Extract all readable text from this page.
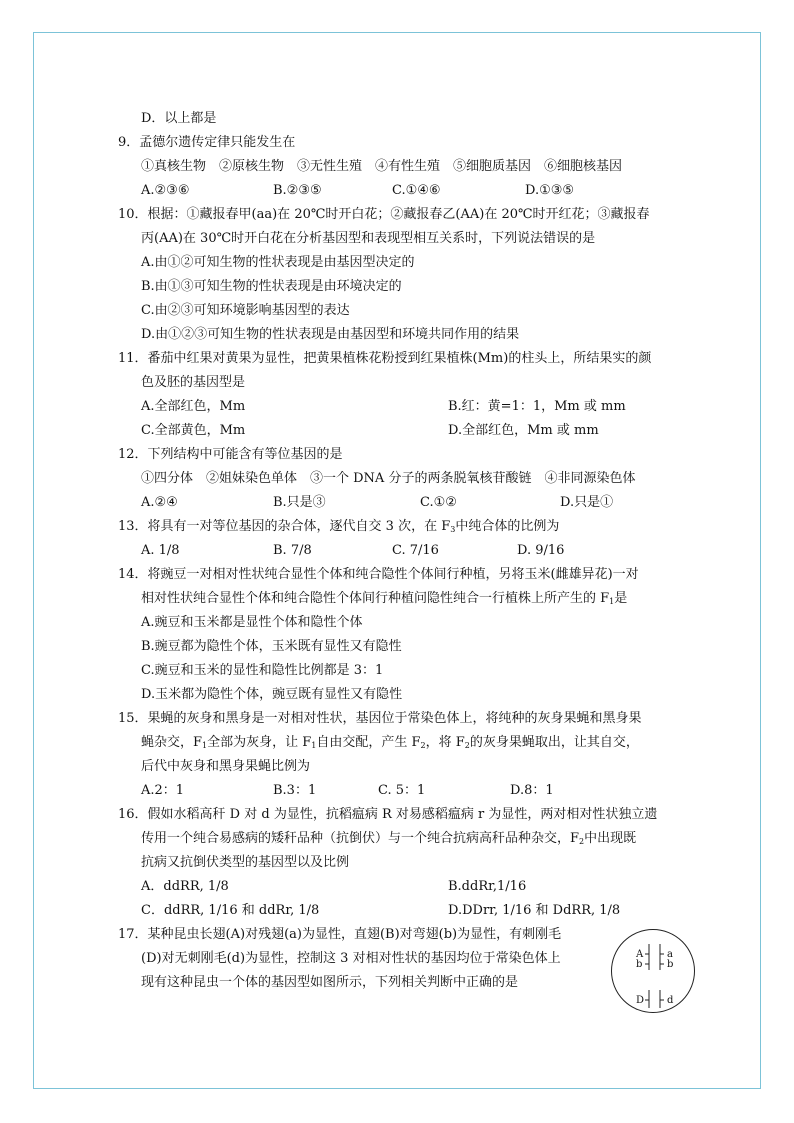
D．以上都是
9．孟德尔遗传定律只能发生在
①真核生物　②原核生物　③无性生殖　④有性生殖　⑤细胞质基因　⑥细胞核基因
A.②③⑥	B.②③⑤	C.①④⑥	D.①③⑤
10．根据：①藏报春甲(aa)在 20℃时开白花；②藏报春乙(AA)在 20℃时开红花；③藏报春
丙(AA)在 30℃时开白花在分析基因型和表现型相互关系时，下列说法错误的是
A.由①②可知生物的性状表现是由基因型决定的
B.由①③可知生物的性状表现是由环境决定的
C.由②③可知环境影响基因型的表达
D.由①②③可知生物的性状表现是由基因型和环境共同作用的结果
11．番茄中红果对黄果为显性，把黄果植株花粉授到红果植株(Mm)的柱头上，所结果实的颜
色及胚的基因型是
A.全部红色，Mm	B.红：黄=1：1，Mm 或 mm
C.全部黄色，Mm	D.全部红色，Mm 或 mm
12．下列结构中可能含有等位基因的是
①四分体　②姐妹染色单体　③一个 DNA 分子的两条脱氧核苷酸链　④非同源染色体
A.②④	B.只是③	C.①②	D.只是①
13．将具有一对等位基因的杂合体，逐代自交 3 次，在 $F_3$中纯合体的比例为
A. 1/8	B. 7/8	C. 7/16	D. 9/16
14．将豌豆一对相对性状纯合显性个体和纯合隐性个体间行种植，另将玉米(雌雄异花)一对
相对性状纯合显性个体和纯合隐性个体间行种植问隐性纯合一行植株上所产生的 $F_1$是
A.豌豆和玉米都是显性个体和隐性个体
B.豌豆都为隐性个体，玉米既有显性又有隐性
C.豌豆和玉米的显性和隐性比例都是 3：1
D.玉米都为隐性个体，豌豆既有显性又有隐性
15．果蝇的灰身和黑身是一对相对性状，基因位于常染色体上，将纯种的灰身果蝇和黑身果
蝇杂交，$F_1$全部为灰身，让 $F_1$自由交配，产生 $F_2$，将 $F_2$的灰身果蝇取出，让其自交，
后代中灰身和黑身果蝇比例为
A.2：1	B.3：1	C. 5：1	D.8：1
16．假如水稻高秆 D 对 d 为显性，抗稻瘟病 R 对易感稻瘟病 r 为显性，两对相对性状独立遗
传用一个纯合易感病的矮秆品种（抗倒伏）与一个纯合抗病高秆品种杂交，$F_2$中出现既
抗病又抗倒伏类型的基因型以及比例
A．ddRR, 1/8	B.ddRr,1/16
C．ddRR, 1/16 和 ddRr, 1/8	D.DDrr, 1/16 和 DdRR, 1/8
17．某种昆虫长翅(A)对残翅(a)为显性，直翅(B)对弯翅(b)为显性，有刺刚毛
(D)对无刺刚毛(d)为显性，控制这 3 对相对性状的基因均位于常染色体上
现有这种昆虫一个体的基因型如图所示，下列相关判断中正确的是
A
b
a
b
D d
